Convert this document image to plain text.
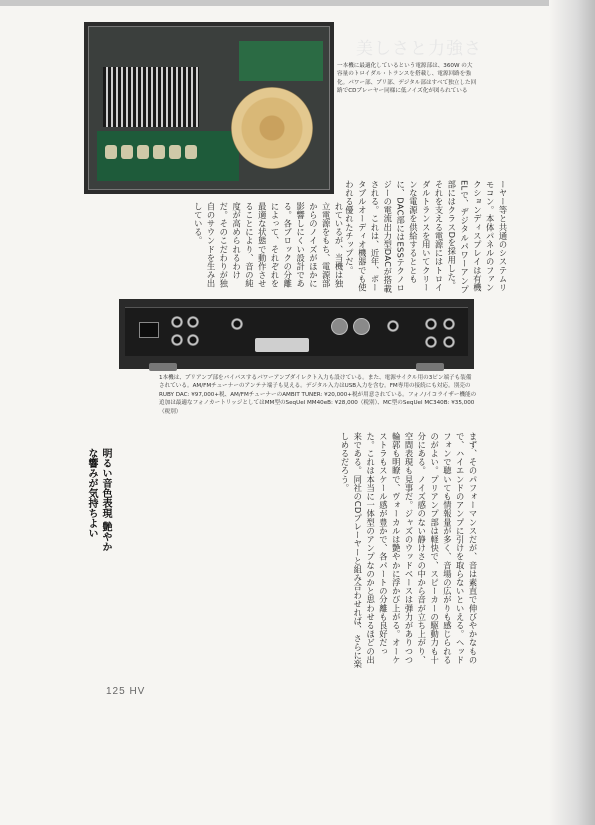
美しさと力強さ
一本機に最適化しているという電源部は、360W の大容量のトロイダル・トランスを搭載し、電源回路を強化。パワー部、プリ部、デジタル部はすべて独立した回路でCDプレーヤー同様に低ノイズ化が図られている
ーヤー等と共通のシステムリモコン。本体パネルのファンクションディスプレイは有機ELで、デジタルパワーアンプ部にはクラスDを採用した。それを支える電源にはトロイダルトランスを用いてクリーンな電源を供給するとともに、DAC部にはESSテクノロジーの電流出力型DACが搭載される。これは、近年、ポータブルオーディオ機器でも使われる優れたチップだ。
れているが、当機は独立電源をもち、電源部からのノイズがほかに影響しにくい設計である。各ブロックの分離によって、それぞれを最適な状態で動作させることにより、音の純度が高められるわけだ。そのこだわりが独自のサウンドを生み出している。
1本機は、プリアンプ部をバイパスするパワーアンプダイレクト入力も設けている。また、電源サイクル用の3ピン端子も装備されている。AM/FMチューナーのアンテナ端子も見える。デジタル入力はUSB入力を含む。FM専用の接続にも対応。別売のRUBY DAC: ¥97,000+税、AM/FMチューナーのAMBIT TUNER: ¥20,000+税が用意されている。フォノ/イコライザー機能の追加は最適なフォノカートリッジとしてはMM型のSeqUel MM40eB: ¥28,000（税別）、MC型のSeqUel MC340B: ¥35,000（税別）
明るい音色表現 艶やかな響みが気持ちよい	まず、そのパフォーマンスだが、音は素直で伸びやかなもので、ハイエンドのアンプに引けを取らないといえる。ヘッドフォンで聴いても情報量が多く、音場の広がりも感じられるのがよい。プリアンプ部は軽快で、スピーカーの駆動力も十分にある。ノイズ感のない静けさの中から音が立ち上がり、空間表現も見事だ。ジャズのウッドベースは弾力がありつつ輪郭も明瞭で、ヴォーカルは艶やかに浮かび上がる。オーケストラもスケール感が豊かで、各パートの分離も良好だった。これは本当に一体型のアンプなのかと思わせるほどの出来である。同社のCDプレーヤーと組み合わせれば、さらに楽しめるだろう。
125 HV
